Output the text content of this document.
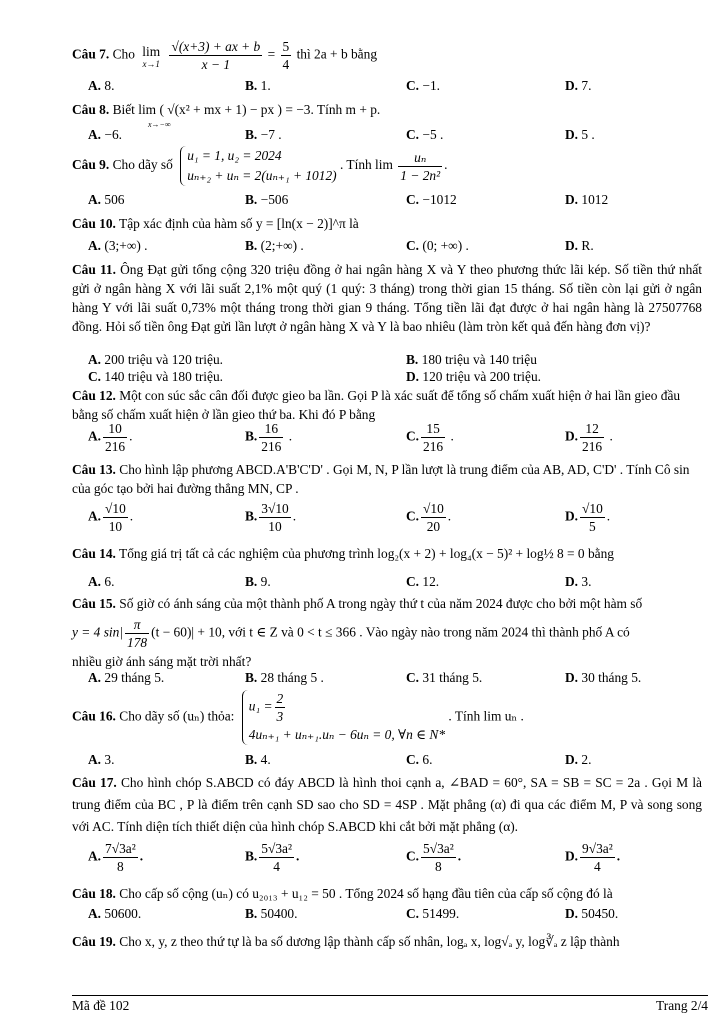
Câu 7. Cho lim
x→1
$\frac{√(x+3) + ax + b}{x - 1} = \frac{5}{4}$ thì 2a + b bằng
A. 8.	B. 1.	C. −1.	D. 7.
Câu 8. Biết lim ( √(x² + mx + 1) − px ) = −3. Tính m + p.
x→−∞
A. −6.	B. −7 .	C. −5 .	D. 5 .
Câu 9. Cho dãy số
u₁ = 1, u₂ = 2024
uₙ₊₂ + uₙ = 2(uₙ₊₁ + 1012)
. Tính $\lim \frac{\text{uₙ}}{\text{1 − 2n²}}$ .
A. 506	B. −506	C. −1012	D. 1012
Câu 10. Tập xác định của hàm số y = [ln(x − 2)]^π là
A. (3;+∞) .	B. (2;+∞) .	C. (0; +∞) .	D. R.
Câu 11. Ông Đạt gửi tổng cộng 320 triệu đồng ở hai ngân hàng X và Y theo phương thức lãi kép. Số tiền thứ nhất gửi ở ngân hàng X với lãi suất 2,1% một quý (1 quý: 3 tháng) trong thời gian 15 tháng. Số tiền còn lại gửi ở ngân hàng Y với lãi suất 0,73% một tháng trong thời gian 9 tháng. Tổng tiền lãi đạt được ở hai ngân hàng là 27507768 đồng. Hỏi số tiền ông Đạt gửi lần lượt ở ngân hàng X và Y là bao nhiêu (làm tròn kết quả đến hàng đơn vị)?
A. 200 triệu và 120 triệu.	B. 180 triệu và 140 triệu
C. 140 triệu và 180 triệu.	D. 120 triệu và 200 triệu.
Câu 12. Một con súc sắc cân đối được gieo ba lần. Gọi P là xác suất để tổng số chấm xuất hiện ở hai lần gieo đầu bằng số chấm xuất hiện ở lần gieo thứ ba. Khi đó P bằng
A. $\frac{10}{216}$ .	B. $\frac{16}{216}$ .	C. $\frac{15}{216}$ .	D. $\frac{12}{216}$ .
Câu 13. Cho hình lập phương ABCD.A'B'C'D' . Gọi M, N, P lần lượt là trung điểm của AB, AD, C'D' . Tính Cô sin của góc tạo bởi hai đường thẳng MN, CP .
A. $\frac{√10}{10}$ .	B. $\frac{3√10}{10}$ .	C. $\frac{√10}{20}$ .	D. $\frac{√10}{5}$ .
Câu 14. Tổng giá trị tất cả các nghiệm của phương trình log₂(x + 2) + log₄(x − 5)² + log½ 8 = 0 bằng
A. 6.	B. 9.	C. 12.	D. 3.
Câu 15. Số giờ có ánh sáng của một thành phố A trong ngày thứ t của năm 2024 được cho bởi một hàm số
y = 4 $\sin| \frac{\pi}{178} (t - 60)| + 10$, với t ∈ Z và 0 < t ≤ 366 . Vào ngày nào trong năm 2024 thì thành phố A có
nhiều giờ ánh sáng mặt trời nhất?
A. 29 tháng 5.	B. 28 tháng 5 .	C. 31 tháng 5.	D. 30 tháng 5.
Câu 16. Cho dãy số (uₙ) thỏa:
$u_1 = \frac{2}{3}$
4uₙ₊₁ + uₙ₊₁.uₙ − 6uₙ = 0, ∀n ∈ N*
. Tính lim uₙ .
A. 3.	B. 4.	C. 6.	D. 2.
Câu 17. Cho hình chóp S.ABCD có đáy ABCD là hình thoi cạnh a, ∠BAD = 60°, SA = SB = SC = 2a . Gọi M là trung điểm của BC , P là điểm trên cạnh SD sao cho SD = 4SP . Mặt phẳng (α) đi qua các điểm M, P và song song với AC. Tính diện tích thiết diện của hình chóp S.ABCD khi cắt bởi mặt phẳng (α).
A. $\frac{\text{7√3a²}}{8}$ .	B. $\frac{\text{5√3a²}}{4}$ .	C. $\frac{\text{5√3a²}}{8}$ .	D. $\frac{\text{9√3a²}}{4}$ .
Câu 18. Cho cấp số cộng (uₙ) có u₂₀₁₃ + u₁₂ = 50 . Tổng 2024 số hạng đầu tiên của cấp số cộng đó là
A. 50600.	B. 50400.	C. 51499.	D. 50450.
Câu 19. Cho x, y, z theo thứ tự là ba số dương lập thành cấp số nhân, logₐ x, log√ₐ y, log∛ₐ z lập thành
Mã đề 102	Trang 2/4
